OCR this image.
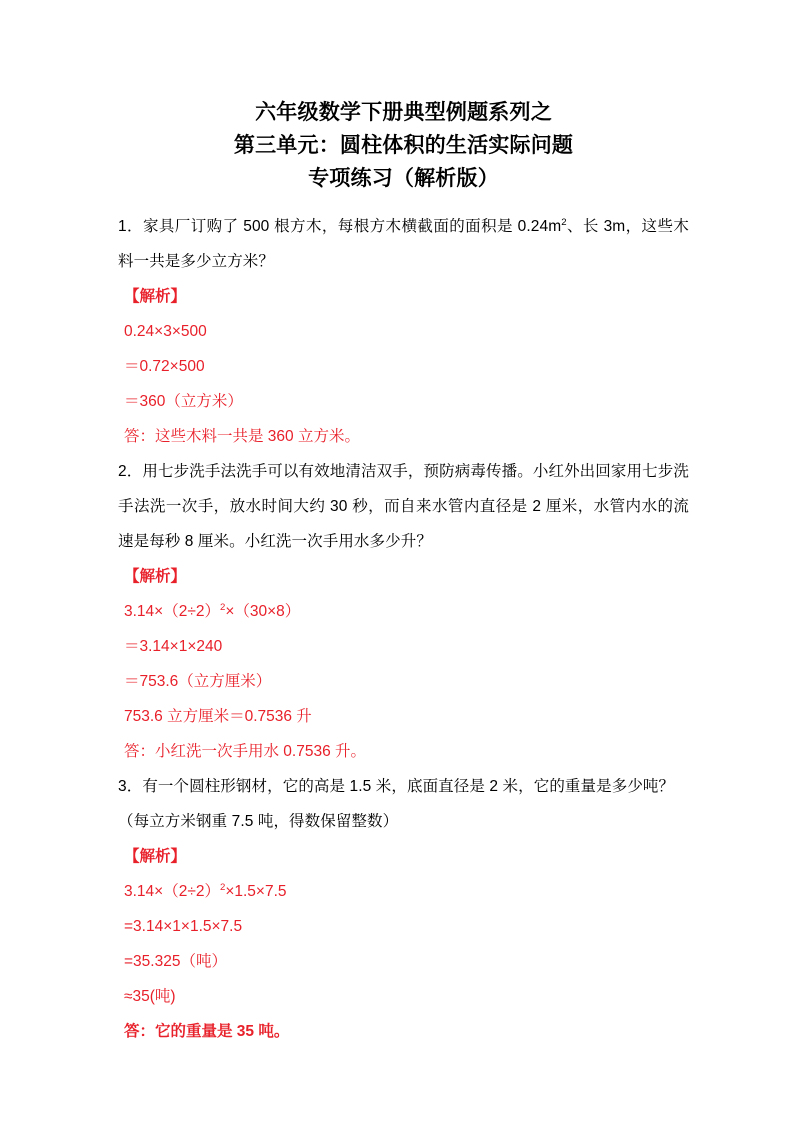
六年级数学下册典型例题系列之
第三单元：圆柱体积的生活实际问题
专项练习（解析版）

1．家具厂订购了 500 根方木，每根方木横截面的面积是 $0.24m^2$、长 3m，这些木料一共是多少立方米？

【解析】

0.24×3×500

＝0.72×500

＝360（立方米）

答：这些木料一共是 360 立方米。

2．用七步洗手法洗手可以有效地清洁双手，预防病毒传播。小红外出回家用七步洗手法洗一次手，放水时间大约 30 秒，而自来水管内直径是 2 厘米，水管内水的流速是每秒 8 厘米。小红洗一次手用水多少升？

【解析】

$3.14\times(2\div 2)^2\times(30\times 8)$

＝3.14×1×240

＝753.6（立方厘米）

753.6 立方厘米＝0.7536 升

答：小红洗一次手用水 0.7536 升。

3．有一个圆柱形钢材，它的高是 1.5 米，底面直径是 2 米，它的重量是多少吨？

（每立方米钢重 7.5 吨，得数保留整数）

【解析】

$3.14\times(2\div 2)^2\times 1.5\times 7.5$

=3.14×1×1.5×7.5

=35.325（吨）

≈35(吨)

答：它的重量是 35 吨。
